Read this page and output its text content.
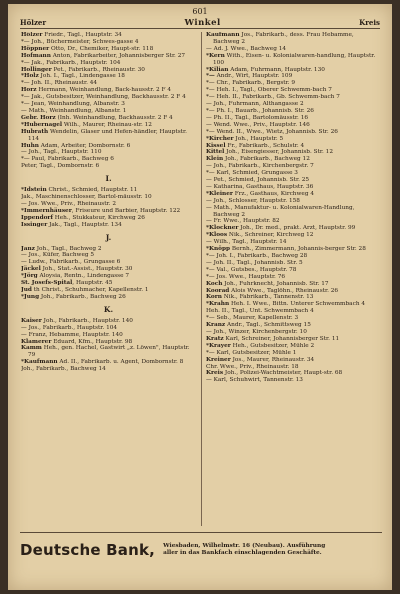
601
Hölzer	Winkel	Kreis
Hölzer Friedr., Tagl., Hauptstr. 34
*— Joh., Büchermeister, Schwes-gasse 4
Höppner Otto, Dr., Chemiker, Haupt-str. 118
Hofmann Anton, Fabrikarbeiter, Johannisberger Str. 27
*— Jak., Fabrikarb., Hauptstr. 104
Hollinger Pet., Fabrikarb., Rheinaustr. 30
*Holz Joh. I., Tagl., Lindengasse 18
*— Joh. II., Rheinaustr. 44
Horz Hermann, Weinhandlung, Back-hausstr. 2 F 4
*— Jak., Gutsbesitzer, Weinhandlung, Backhausstr. 2 F 4
*— Jean, Weinhandlung, Albanstr. 3
— Math., Weinhandlung, Albanstr. 1
Gebr. Horz (Inh. Weinhandlung, Backhausstr. 2 F 4
*Hubernagel Wilh., Maurer, Rheinau-str. 12
Hubrath Wendelin, Glaser und Hefen-händler, Hauptstr. 114
Huhn Adam, Arbeiter, Dombornstr. 6
— Joh., Tagl., Hauptstr. 110
*— Paul, Fabrikarb., Bachweg 6
Peter, Tagl., Dombornstr. 6
I.
*Idstein Christ., Schmied, Hauptstr. 11
Jak., Maschinenschlosser, Bartol-mäusstr. 10
— Jos. Wwe., Priv., Rheinaustr. 2
*Immernhäuser, Friseure und Barbier, Hauptstr. 122
Ippendorf Heh., Stukkateur, Kirchweg 26
Issinger Jak., Tagl., Hauptstr. 134
J.
Janz Joh., Tagl., Bachweg 2
— Jos., Küfer, Bachweg 5
— Ludw., Fabrikarb., Grungasse 6
Jäckel Joh., Stat.-Assist., Hauptstr. 30
*Jörg Aloysia, Rentn., Lindengasse 7
St. Josefs-Spital, Hauptstr. 45
Jud th Christ., Schuhmacher, Kapellenstr. 1
*Jung Joh., Fabrikarb., Bachweg 26
K.
Kaiser Joh., Fabrikarb., Hauptstr. 140
— Jos., Fabrikarb., Hauptstr. 104
— Franz, Hebamme, Hauptstr. 140
Klamerer Eduard, Kfm., Hauptstr. 98
Kamm Heh., gen. Hachel, Gastwirt „z. Löwen", Hauptstr. 79
*Kaufmann Ad. II., Fabrikarb. u. Agent, Dombornstr. 8
Joh., Fabrikarb., Bachweg 14
Kaufmann Jos., Fabrikarb., dess. Frau Hebamme, Bachweg 2
— Ad. J. Wwe., Bachweg 14
*Kern With., Eisen- u. Kolonialwaren-handlung, Hauptstr. 100
*Kilian Adam, Fuhrmann, Hauptstr. 130
*— Andr., Wirt, Hauptstr. 109
*— Chr., Fabrikarb., Bergstr. 9
*— Heh. I., Tagl., Oberer Schwemm-bach 7
*— Heh. II., Fabrikarb., Gb. Schwemm-bach 7
— Joh., Fuhrmann, Althangasse 2
*— Ph. I., Bauarb., Johannisb. Str. 26
— Ph. II., Tagl., Bartolomäusstr. 16
— Wend. Wwe., Priv., Hauptstr. 146
*— Wend. II., Wwe., Wietz, Johannisb. Str. 26
*Kircher Joh., Hauptstr. 5
Kissel Fr., Fabrikarb., Schulstr. 4
Kittel Joh., Eisengiesser, Johannisb. Str. 12
Klein Joh., Fabrikarb., Bachweg 12
— Joh., Fabrikarb., Kirchenbergstr. 7
*— Karl, Schmied, Grungasse 3
— Pet., Schmied, Johannisb. Str. 25
— Katharina, Gasthaus, Hauptstr. 36
*Kleiner Frz., Gasthaus, Kirchweg 4
— Joh., Schlosser, Hauptstr. 158
— Math., Manufaktur- u. Kolonialwaren-Handlung, Bachweg 2
— Fr. Wwe., Hauptstr. 82
*Klockner Joh., Dr. med., prakt. Arzt, Hauptstr. 99
*Kloos Nik., Schreiner, Kirchweg 12
— Wilh., Tagl., Hauptstr. 14
*Knöpp Bernh., Zimmermann, Johannis-berger Str. 28
*— Joh. I., Fabrikarb., Bachweg 28
— Joh. II., Tagl., Johannisb. Str. 5
*— Val., Gutsbes., Hauptstr. 78
*— Jos. Wwe., Hauptstr. 76
Koch Joh., Fuhrknecht, Johannisb. Str. 17
Koorad Alois Wwe., Taglöhn., Rheinaustr. 26
Korn Nik., Fabrikarb., Tannenstr. 13
*Krahn Heh. I. Wwe., Bittn. Unterer Schwemmbach 4
Heh. II., Tagl., Unt. Schwemmbach 4
*— Seb., Maurer, Kapellenstr. 3
Kranz Andr., Tagl., Schmittsweg 15
— Joh., Winzer, Kirchenbergstr. 10
Kratz Karl, Schreiner, Johannisberger Str. 11
*Krayer Heh., Gutsbesitzer, Mühle 2
*— Karl, Gutsbesitzer, Mühle 1
Kreiner Jos., Maurer, Rheinaustr. 34
Chr. Wwe., Priv., Rheinaustr. 18
Kreis Joh., Polizei-Wachtmeister, Haupt-str. 68
— Karl, Schuhwirt, Tannenstr. 13
Deutsche Bank, Wiesbaden, Wilhelmstr. 16 (Neubau). Ausführung
aller in das Bankfach einschlagenden Geschäfte.
